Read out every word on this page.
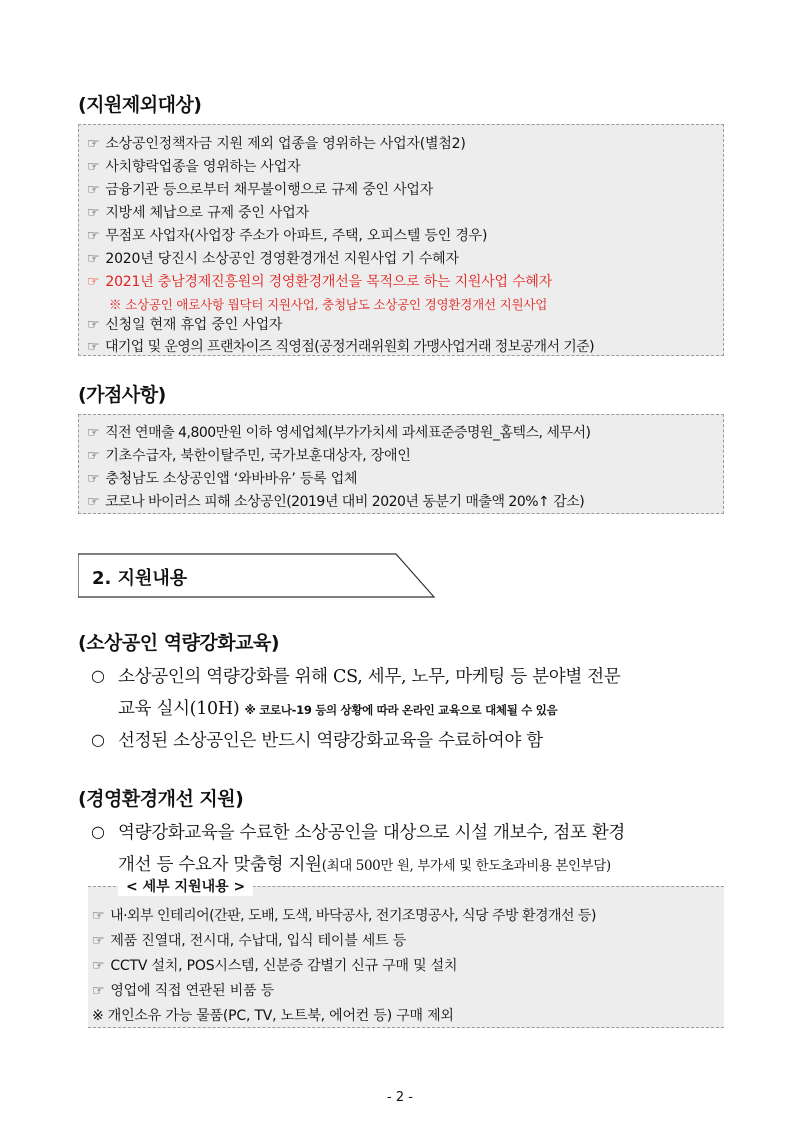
(지원제외대상)
☞ 소상공인정책자금 지원 제외 업종을 영위하는 사업자(별첨2)
☞ 사치향락업종을 영위하는 사업자
☞ 금융기관 등으로부터 채무불이행으로 규제 중인 사업자
☞ 지방세 체납으로 규제 중인 사업자
☞ 무점포 사업자(사업장 주소가 아파트, 주택, 오피스텔 등인 경우)
☞ 2020년 당진시 소상공인 경영환경개선 지원사업 기 수혜자
☞ 2021년 충남경제진흥원의 경영환경개선을 목적으로 하는 지원사업 수혜자
※ 소상공인 애로사항 뭡닥터 지원사업, 충청남도 소상공인 경영환경개선 지원사업
☞ 신청일 현재 휴업 중인 사업자
☞ 대기업 및 운영의 프랜차이즈 직영점(공정거래위원회 가맹사업거래 정보공개서 기준)
(가점사항)
☞ 직전 연매출 4,800만원 이하 영세업체(부가가치세 과세표준증명원_홈텍스, 세무서)
☞ 기초수급자, 북한이탈주민, 국가보훈대상자, 장애인
☞ 충청남도 소상공인앱 ‘와바바유’ 등록 업체
☞ 코로나 바이러스 피해 소상공인(2019년 대비 2020년 동분기 매출액 20%↑ 감소)
2. 지원내용
(소상공인 역량강화교육)
○ 소상공인의 역량강화를 위해 CS, 세무, 노무, 마케팅 등 분야별 전문
교육 실시(10H) ※ 코로나-19 등의 상황에 따라 온라인 교육으로 대체될 수 있음
○ 선정된 소상공인은 반드시 역량강화교육을 수료하여야 함
(경영환경개선 지원)
○ 역량강화교육을 수료한 소상공인을 대상으로 시설 개보수, 점포 환경
개선 등 수요자 맞춤형 지원(최대 500만 원, 부가세 및 한도초과비용 본인부담)
< 세부 지원내용 >
☞ 내·외부 인테리어(간판, 도배, 도색, 바닥공사, 전기조명공사, 식당 주방 환경개선 등)
☞ 제품 진열대, 전시대, 수납대, 입식 테이블 세트 등
☞ CCTV 설치, POS시스템, 신분증 감별기 신규 구매 및 설치
☞ 영업에 직접 연관된 비품 등
※ 개인소유 가능 물품(PC, TV, 노트북, 에어컨 등) 구매 제외
- 2 -
